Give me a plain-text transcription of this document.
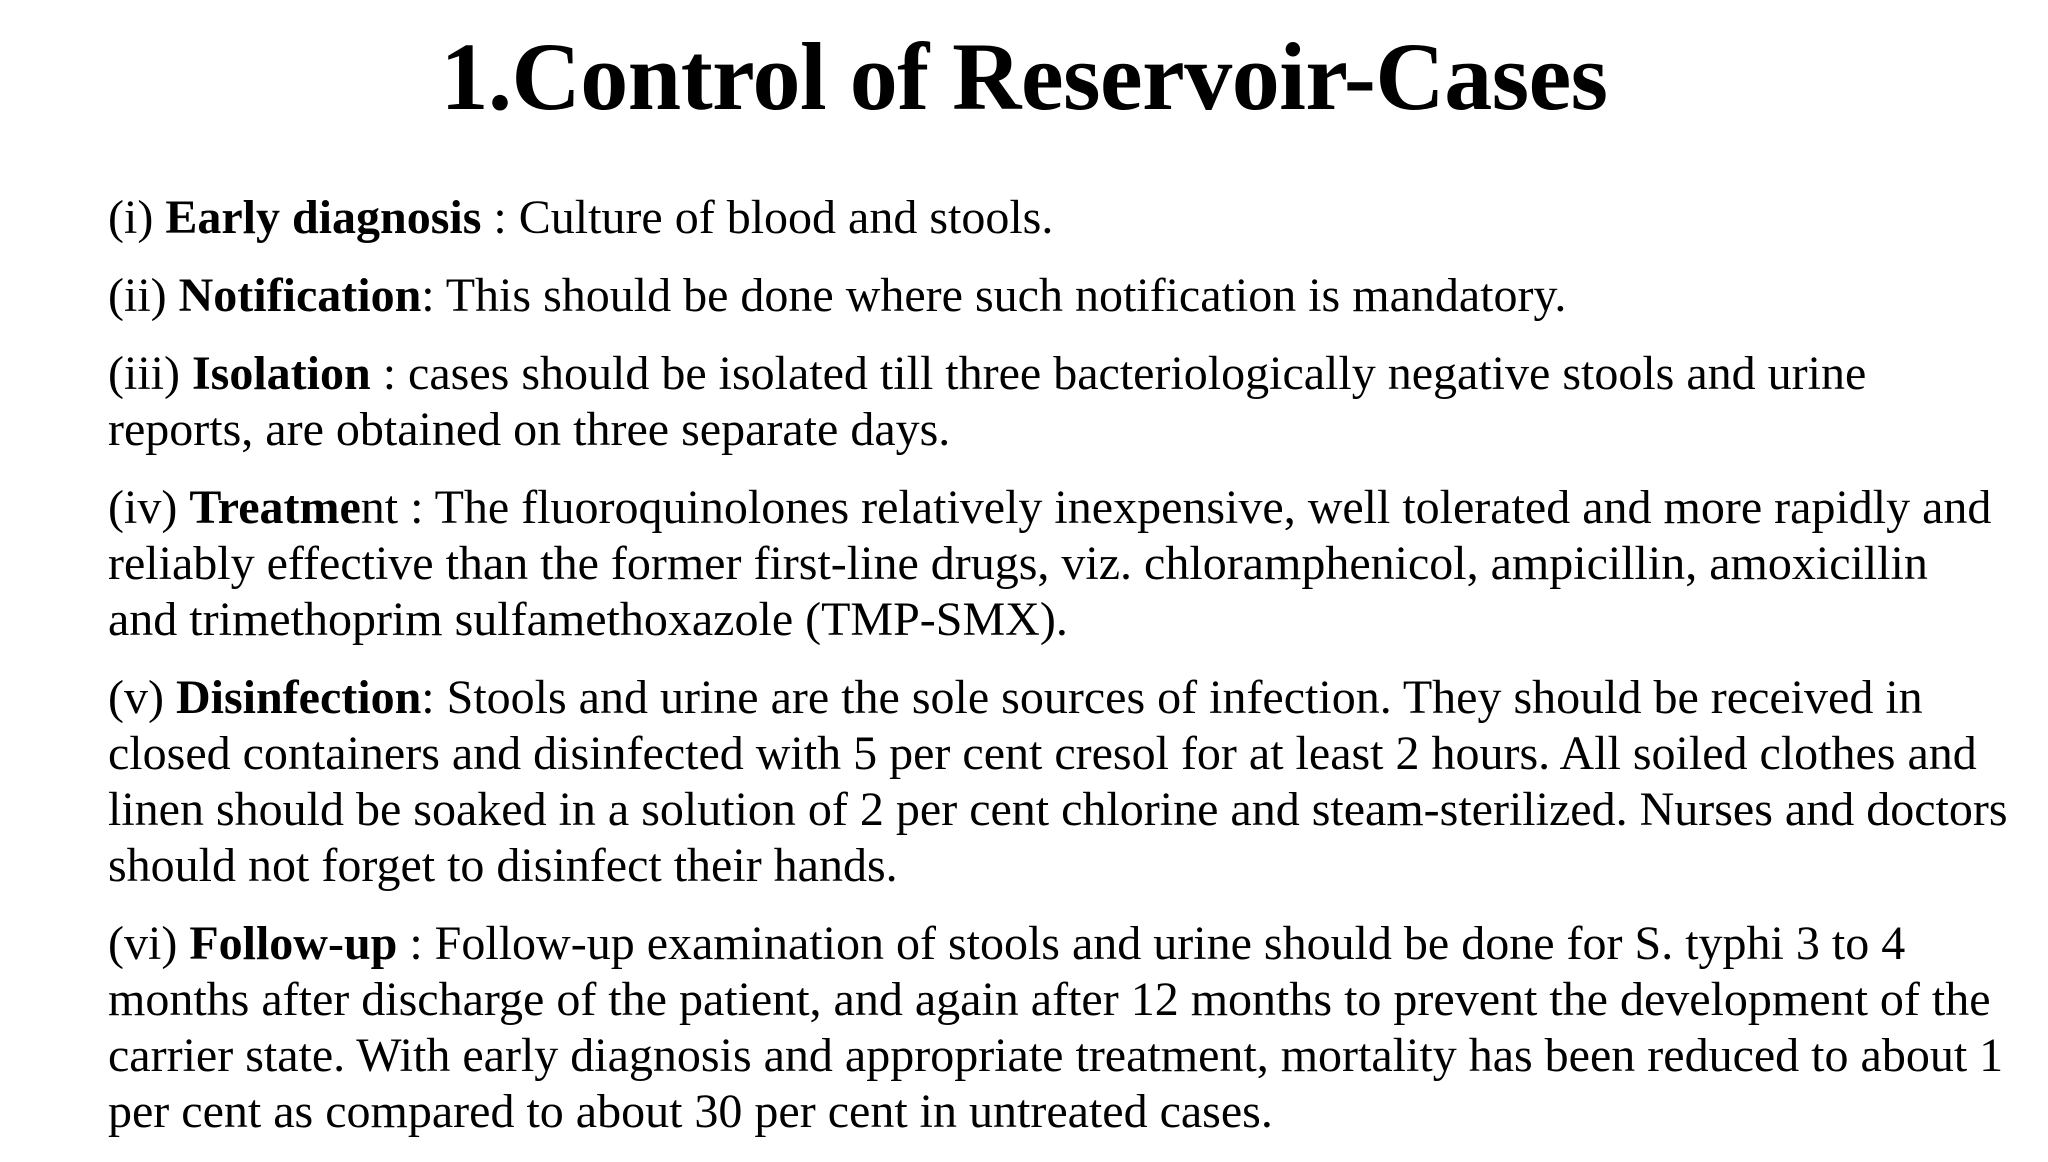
1.Control of Reservoir-Cases

(i) Early diagnosis : Culture of blood and stools.

(ii) Notification: This should be done where such notification is mandatory.

(iii) Isolation : cases should be isolated till three bacteriologically negative stools and urine reports, are obtained on three separate days.

(iv) Treatment : The fluoroquinolones relatively inexpensive, well tolerated and more rapidly and reliably effective than the former first-line drugs, viz. chloramphenicol, ampicillin, amoxicillin and trimethoprim sulfamethoxazole (TMP-SMX).

(v) Disinfection: Stools and urine are the sole sources of infection. They should be received in closed containers and disinfected with 5 per cent cresol for at least 2 hours. All soiled clothes and linen should be soaked in a solution of 2 per cent chlorine and steam-sterilized. Nurses and doctors should not forget to disinfect their hands.

(vi) Follow-up : Follow-up examination of stools and urine should be done for S. typhi 3 to 4 months after discharge of the patient, and again after 12 months to prevent the development of the carrier state. With early diagnosis and appropriate treatment, mortality has been reduced to about 1 per cent as compared to about 30 per cent in untreated cases.
